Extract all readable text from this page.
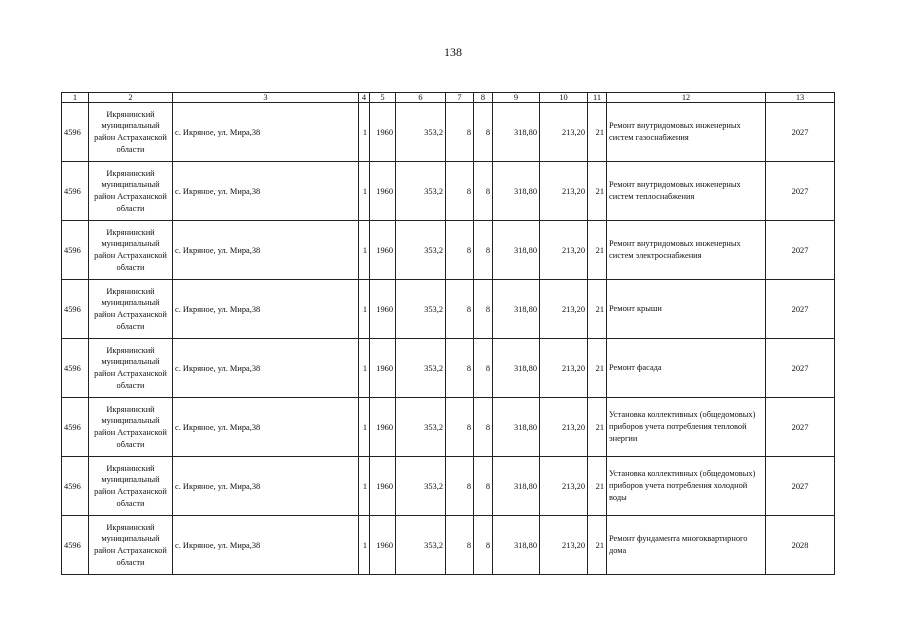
138
1	2	3	4	5	6	7	8	9	10	11	12	13
4596	Икрянинский муниципальный район Астраханской области	с. Икряное, ул. Мира,38	1	1960	353,2	8	8	318,80	213,20	21	Ремонт внутридомовых инженерных систем газоснабжения	2027
4596	Икрянинский муниципальный район Астраханской области	с. Икряное, ул. Мира,38	1	1960	353,2	8	8	318,80	213,20	21	Ремонт внутридомовых инженерных систем теплоснабжения	2027
4596	Икрянинский муниципальный район Астраханской области	с. Икряное, ул. Мира,38	1	1960	353,2	8	8	318,80	213,20	21	Ремонт внутридомовых инженерных систем электроснабжения	2027
4596	Икрянинский муниципальный район Астраханской области	с. Икряное, ул. Мира,38	1	1960	353,2	8	8	318,80	213,20	21	Ремонт крыши	2027
4596	Икрянинский муниципальный район Астраханской области	с. Икряное, ул. Мира,38	1	1960	353,2	8	8	318,80	213,20	21	Ремонт фасада	2027
4596	Икрянинский муниципальный район Астраханской области	с. Икряное, ул. Мира,38	1	1960	353,2	8	8	318,80	213,20	21	Установка коллективных (общедомовых) приборов учета потребления тепловой энергии	2027
4596	Икрянинский муниципальный район Астраханской области	с. Икряное, ул. Мира,38	1	1960	353,2	8	8	318,80	213,20	21	Установка коллективных (общедомовых) приборов учета потребления холодной воды	2027
4596	Икрянинский муниципальный район Астраханской области	с. Икряное, ул. Мира,38	1	1960	353,2	8	8	318,80	213,20	21	Ремонт фундамента многоквартирного дома	2028
